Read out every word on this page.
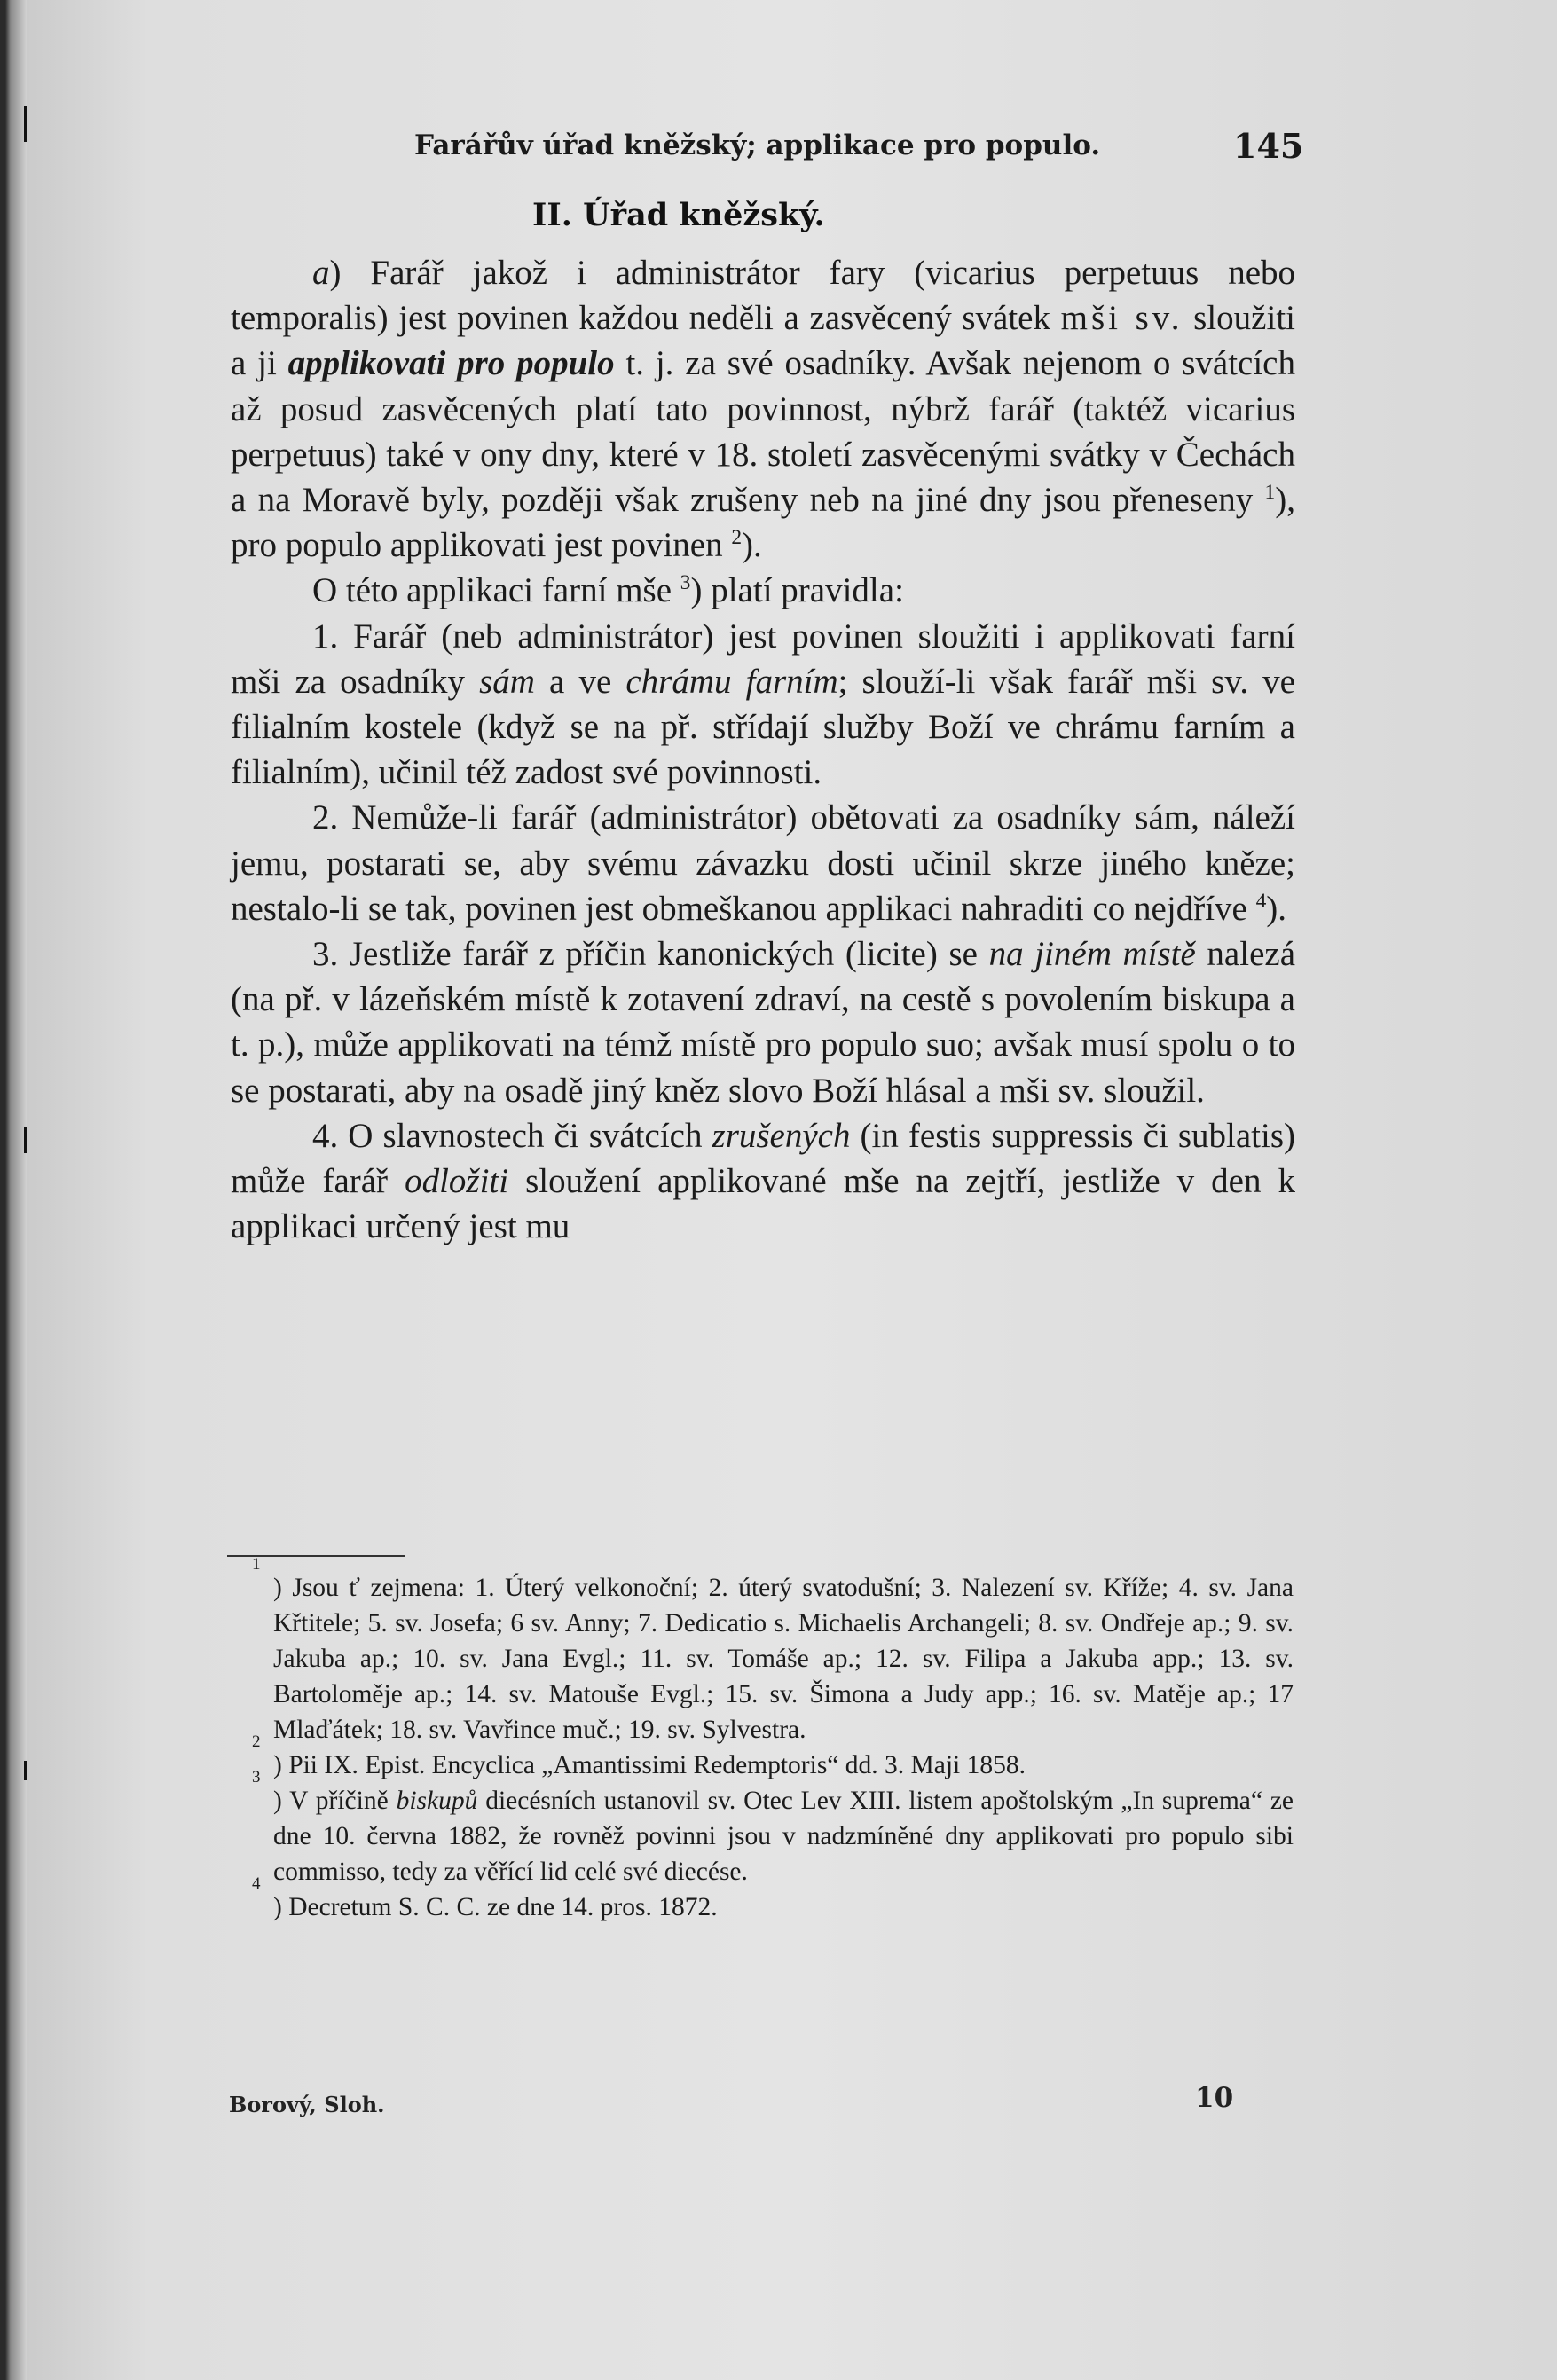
Farářův úřad kněžský; applikace pro populo.	145
II. Úřad kněžský.

a) Farář jakož i administrátor fary (vicarius perpetuus nebo temporalis) jest povinen každou neděli a zasvěcený svátek mši sv. sloužiti a ji applikovati pro populo t. j. za své osadníky. Avšak nejenom o svátcích až posud zasvěcených platí tato povinnost, nýbrž farář (taktéž vicarius perpetuus) také v ony dny, které v 18. století zasvěcenými svátky v Čechách a na Moravě byly, později však zrušeny neb na jiné dny jsou přeneseny $^1$), pro populo applikovati jest povinen $^2$).

O této applikaci farní mše $^3$) platí pravidla:

1. Farář (neb administrátor) jest povinen sloužiti i applikovati farní mši za osadníky sám a ve chrámu farním; slouží-li však farář mši sv. ve filialním kostele (když se na př. střídají služby Boží ve chrámu farním a filialním), učinil též zadost své povinnosti.

2. Nemůže-li farář (administrátor) obětovati za osadníky sám, náleží jemu, postarati se, aby svému závazku dosti učinil skrze jiného kněze; nestalo-li se tak, povinen jest obmeškanou applikaci nahraditi co nejdříve $^4$).

3. Jestliže farář z příčin kanonických (licite) se na jiném místě nalezá (na př. v lázeňském místě k zotavení zdraví, na cestě s povolením biskupa a t. p.), může applikovati na témž místě pro populo suo; avšak musí spolu o to se postarati, aby na osadě jiný kněz slovo Boží hlásal a mši sv. sloužil.

4. O slavnostech či svátcích zrušených (in festis suppressis či sublatis) může farář odložiti sloužení applikované mše na zejtří, jestliže v den k applikaci určený jest mu

1
) Jsou ť zejmena: 1. Úterý velkonoční; 2. úterý svatodušní; 3. Nalezení sv. Kříže; 4. sv. Jana Křtitele; 5. sv. Josefa; 6 sv. Anny; 7. Dedicatio s. Michaelis Archangeli; 8. sv. Ondřeje ap.; 9. sv. Jakuba ap.; 10. sv. Jana Evgl.; 11. sv. Tomáše ap.; 12. sv. Filipa a Jakuba app.; 13. sv. Bartoloměje ap.; 14. sv. Matouše Evgl.; 15. sv. Šimona a Judy app.; 16. sv. Matěje ap.; 17 Mlaďátek; 18. sv. Vavřince muč.; 19. sv. Sylvestra.

2
) Pii IX. Epist. Encyclica „Amantissimi Redemptoris“ dd. 3. Maji 1858.

3
) V příčině biskupů diecésních ustanovil sv. Otec Lev XIII. listem apoštolským „In suprema“ ze dne 10. června 1882, že rovněž povinni jsou v nadzmíněné dny applikovati pro populo sibi commisso, tedy za věřící lid celé své diecése.

4
) Decretum S. C. C. ze dne 14. pros. 1872.

Borový, Sloh.	10
